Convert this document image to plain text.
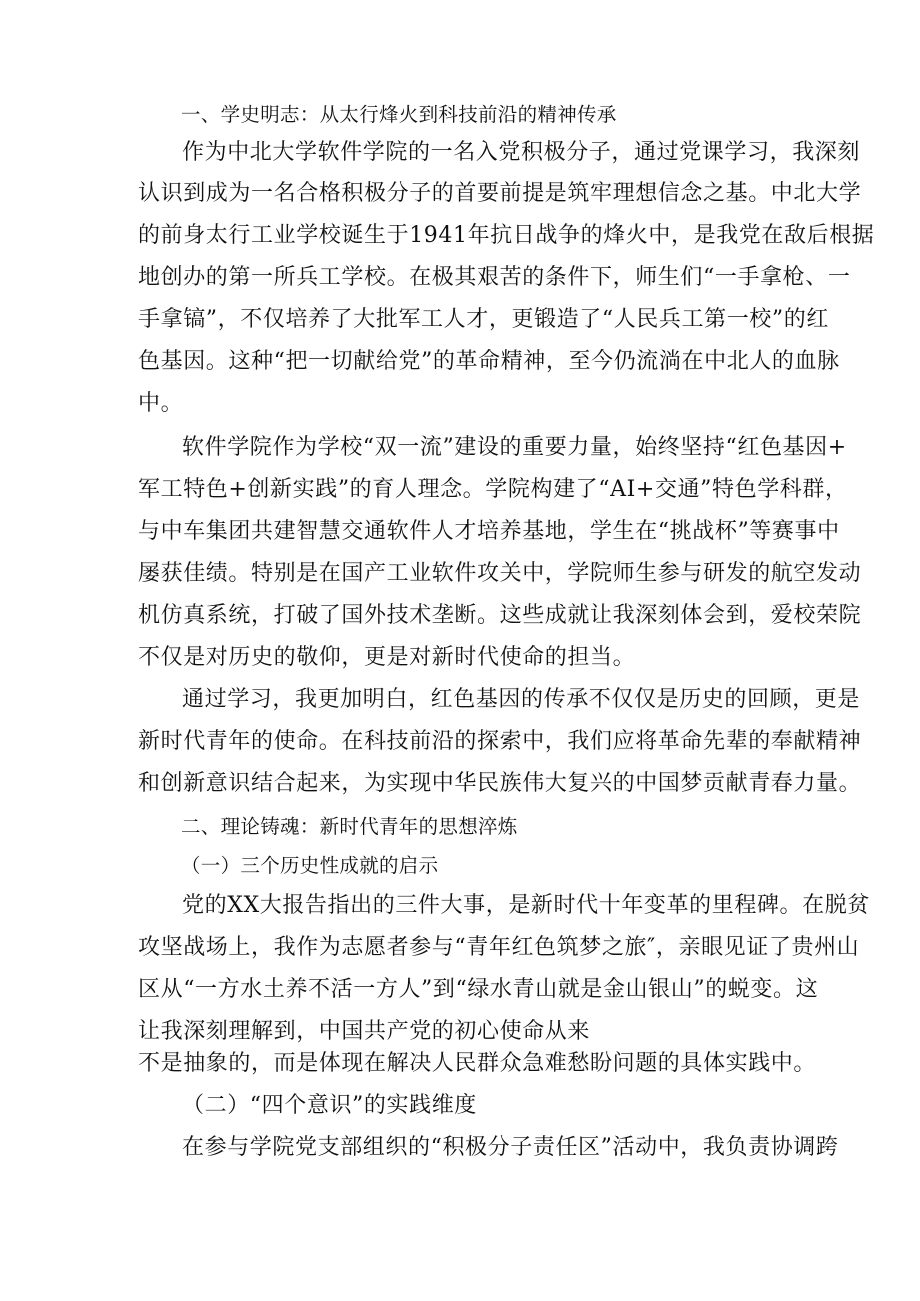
一、学史明志：从太行烽火到科技前沿的精神传承
作为中北大学软件学院的一名入党积极分子，通过党课学习，我深刻
认识到成为一名合格积极分子的首要前提是筑牢理想信念之基。中北大学
的前身太行工业学校诞生于1941年抗日战争的烽火中，是我党在敌后根据
地创办的第一所兵工学校。在极其艰苦的条件下，师生们“一手拿枪、一
手拿镐”，不仅培养了大批军工人才，更锻造了“人民兵工第一校”的红
色基因。这种“把一切献给党”的革命精神，至今仍流淌在中北人的血脉
中。
软件学院作为学校“双一流”建设的重要力量，始终坚持“红色基因+
军工特色+创新实践”的育人理念。学院构建了“AI+交通”特色学科群，
与中车集团共建智慧交通软件人才培养基地，学生在“挑战杯”等赛事中
屡获佳绩。特别是在国产工业软件攻关中，学院师生参与研发的航空发动
机仿真系统，打破了国外技术垄断。这些成就让我深刻体会到，爱校荣院
不仅是对历史的敬仰，更是对新时代使命的担当。
通过学习，我更加明白，红色基因的传承不仅仅是历史的回顾，更是
新时代青年的使命。在科技前沿的探索中，我们应将革命先辈的奉献精神
和创新意识结合起来，为实现中华民族伟大复兴的中国梦贡献青春力量。
二、理论铸魂：新时代青年的思想淬炼
（一）三个历史性成就的启示
党的XX大报告指出的三件大事，是新时代十年变革的里程碑。在脱贫
攻坚战场上，我作为志愿者参与“青年红色筑梦之旅″，亲眼见证了贵州山
区从“一方水土养不活一方人”到“绿水青山就是金山银山”的蜕变。这
让我深刻理解到，中国共产党的初心使命从来
不是抽象的，而是体现在解决人民群众急难愁盼问题的具体实践中。
（二）“四个意识”的实践维度
在参与学院党支部组织的“积极分子责任区”活动中，我负责协调跨
